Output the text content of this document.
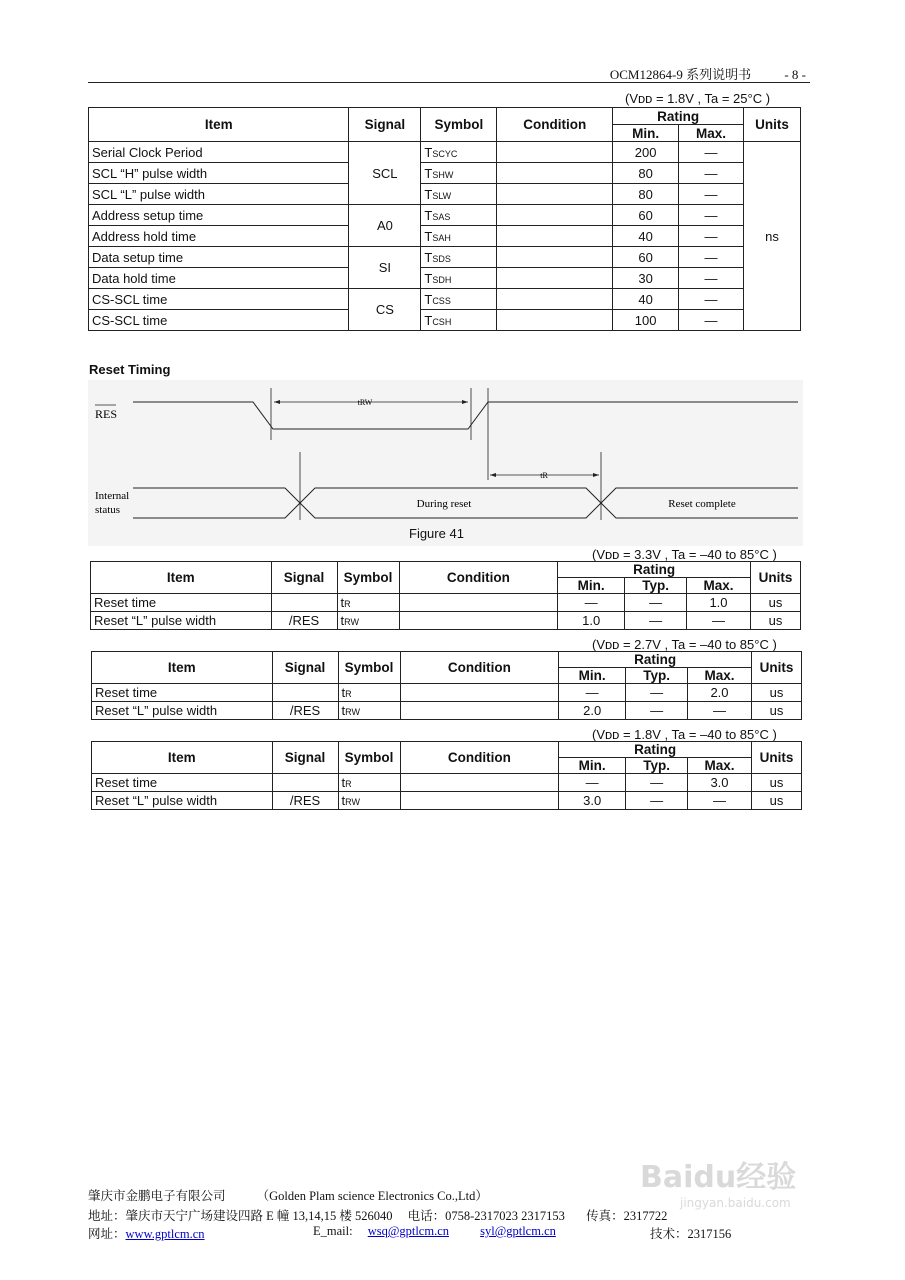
OCM12864-9 系列说明书	- 8 -
(Vᴅᴅ = 1.8V , Ta = 25°C )
Item	Signal	Symbol	Condition	Rating		Units
				Min.	Max.	
Serial Clock Period	SCL	TSCYC		200	—	ns
SCL “H” pulse width		TSHW		80	—	
SCL “L” pulse width		TSLW		80	—	
Address setup time	A0	TSAS		60	—	
Address hold time		TSAH		40	—	
Data setup time	SI	TSDS		60	—	
Data hold time		TSDH		30	—	
CS-SCL time	CS	TCSS		40	—	
CS-SCL time		TCSH		100	—	
Reset Timing
RES
tRW
tR
Internal
status	During reset	Reset complete
Figure 41
(Vᴅᴅ = 3.3V , Ta = –40 to 85°C )
Item	Signal	Symbol	Condition	Rating			Units
				Min.	Typ.	Max.	
Reset time		tR		—	—	1.0	us
Reset “L” pulse width	/RES	tRW		1.0	—	—	us
(Vᴅᴅ = 2.7V , Ta = –40 to 85°C )
Item	Signal	Symbol	Condition	Rating			Units
				Min.	Typ.	Max.	
Reset time		tR		—	—	2.0	us
Reset “L” pulse width	/RES	tRW		2.0	—	—	us
(Vᴅᴅ = 1.8V , Ta = –40 to 85°C )
Item	Signal	Symbol	Condition	Rating			Units
				Min.	Typ.	Max.	
Reset time		tR		—	—	3.0	us
Reset “L” pulse width	/RES	tRW		3.0	—	—	us
肇庆市金鹏电子有限公司 （Golden Plam science Electronics Co.,Ltd）
地址：肇庆市天宁广场建设四路 E 幢 13,14,15 楼 526040 电话：0758-2317023 2317153 传真：2317722
网址：www.gptlcm.cn	E_mail: wsq@gptlcm.cn syl@gptlcm.cn	技术：2317156
Baidu经验
jingyan.baidu.com
